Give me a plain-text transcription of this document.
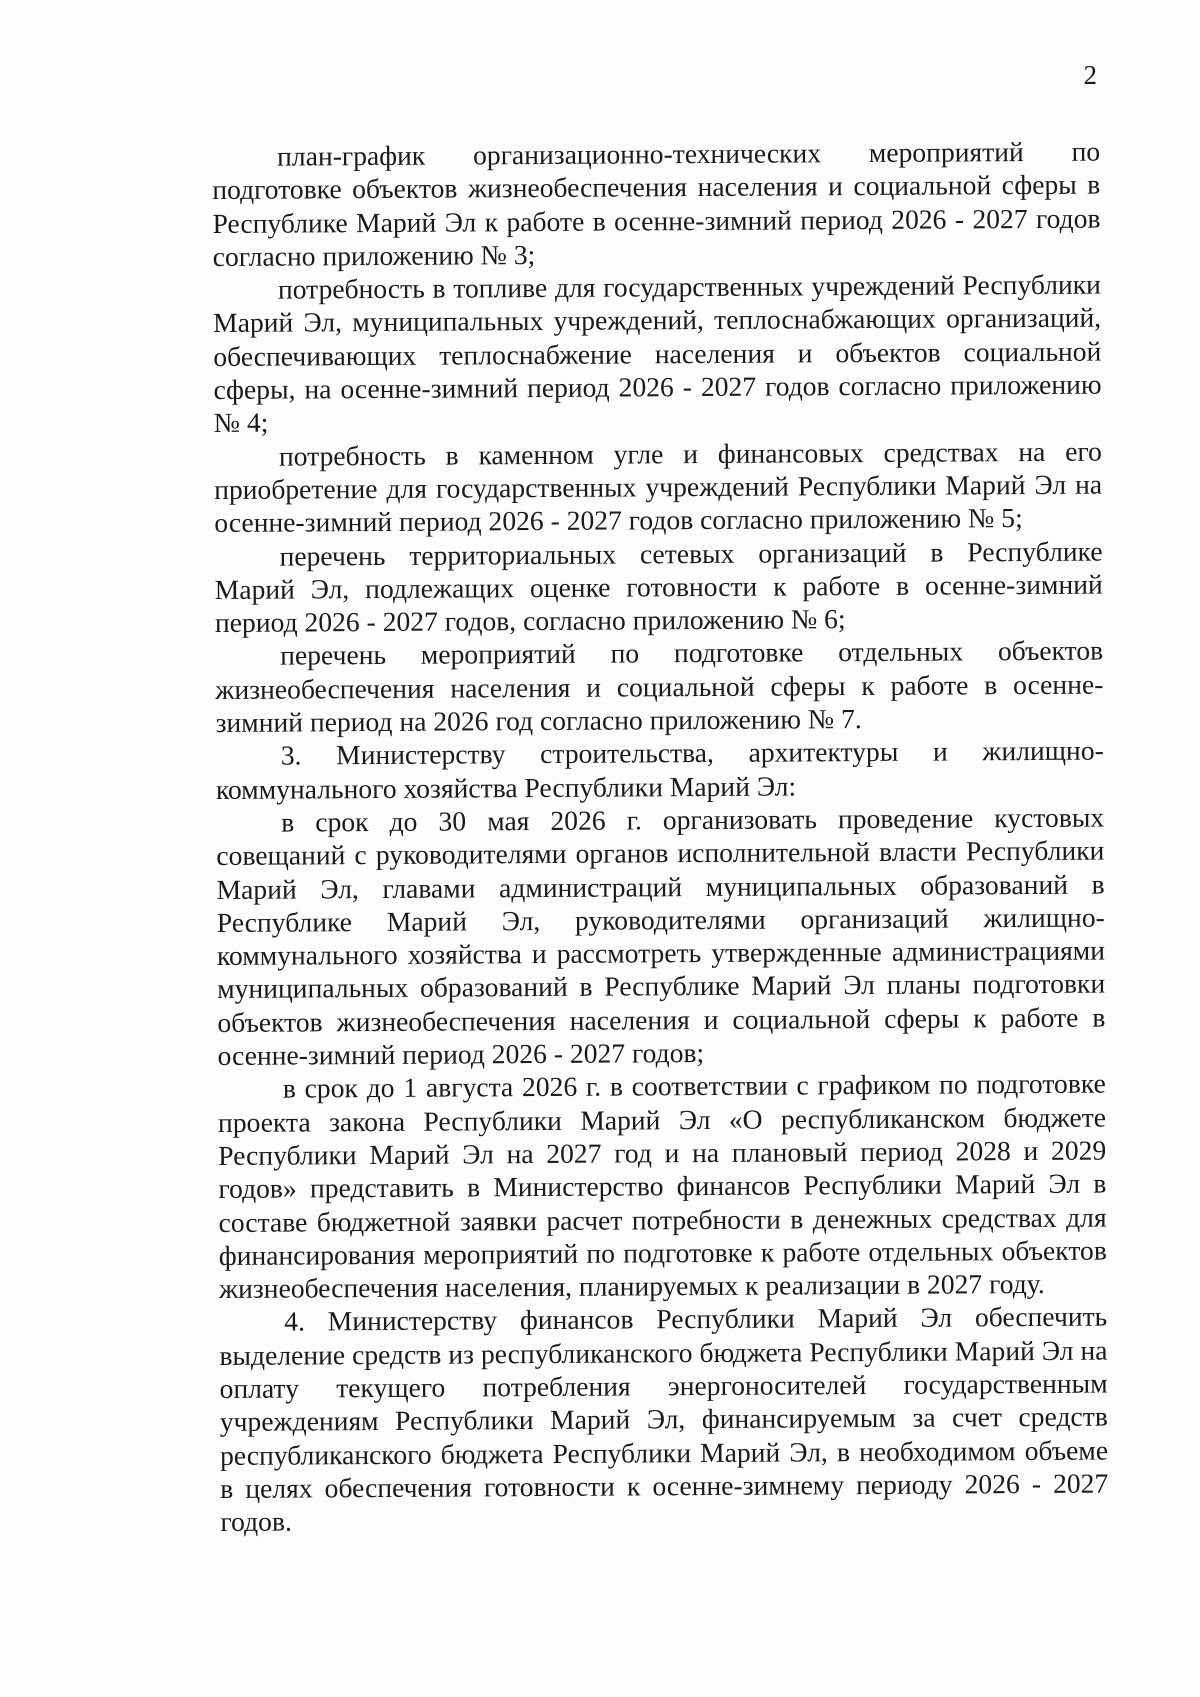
2

план-график организационно-технических мероприятий по подготовке объектов жизнеобеспечения населения и социальной сферы в Республике Марий Эл к работе в осенне-зимний период 2026 - 2027 годов согласно приложению № 3;

потребность в топливе для государственных учреждений Республики Марий Эл, муниципальных учреждений, теплоснабжающих организаций, обеспечивающих теплоснабжение населения и объектов социальной сферы, на осенне-зимний период 2026 - 2027 годов согласно приложению № 4;

потребность в каменном угле и финансовых средствах на его приобретение для государственных учреждений Республики Марий Эл на осенне-зимний период 2026 - 2027 годов согласно приложению № 5;

перечень территориальных сетевых организаций в Республике Марий Эл, подлежащих оценке готовности к работе в осенне-зимний период 2026 - 2027 годов, согласно приложению № 6;

перечень мероприятий по подготовке отдельных объектов жизнеобеспечения населения и социальной сферы к работе в осенне-зимний период на 2026 год согласно приложению № 7.

3. Министерству строительства, архитектуры и жилищно-коммунального хозяйства Республики Марий Эл:

в срок до 30 мая 2026 г. организовать проведение кустовых совещаний с руководителями органов исполнительной власти Республики Марий Эл, главами администраций муниципальных образований в Республике Марий Эл, руководителями организаций жилищно-коммунального хозяйства и рассмотреть утвержденные администрациями муниципальных образований в Республике Марий Эл планы подготовки объектов жизнеобеспечения населения и социальной сферы к работе в осенне-зимний период 2026 - 2027 годов;

в срок до 1 августа 2026 г. в соответствии с графиком по подготовке проекта закона Республики Марий Эл «О республиканском бюджете Республики Марий Эл на 2027 год и на плановый период 2028 и 2029 годов» представить в Министерство финансов Республики Марий Эл в составе бюджетной заявки расчет потребности в денежных средствах для финансирования мероприятий по подготовке к работе отдельных объектов жизнеобеспечения населения, планируемых к реализации в 2027 году.

4. Министерству финансов Республики Марий Эл обеспечить выделение средств из республиканского бюджета Республики Марий Эл на оплату текущего потребления энергоносителей государственным учреждениям Республики Марий Эл, финансируемым за счет средств республиканского бюджета Республики Марий Эл, в необходимом объеме в целях обеспечения готовности к осенне-зимнему периоду 2026 - 2027 годов.
